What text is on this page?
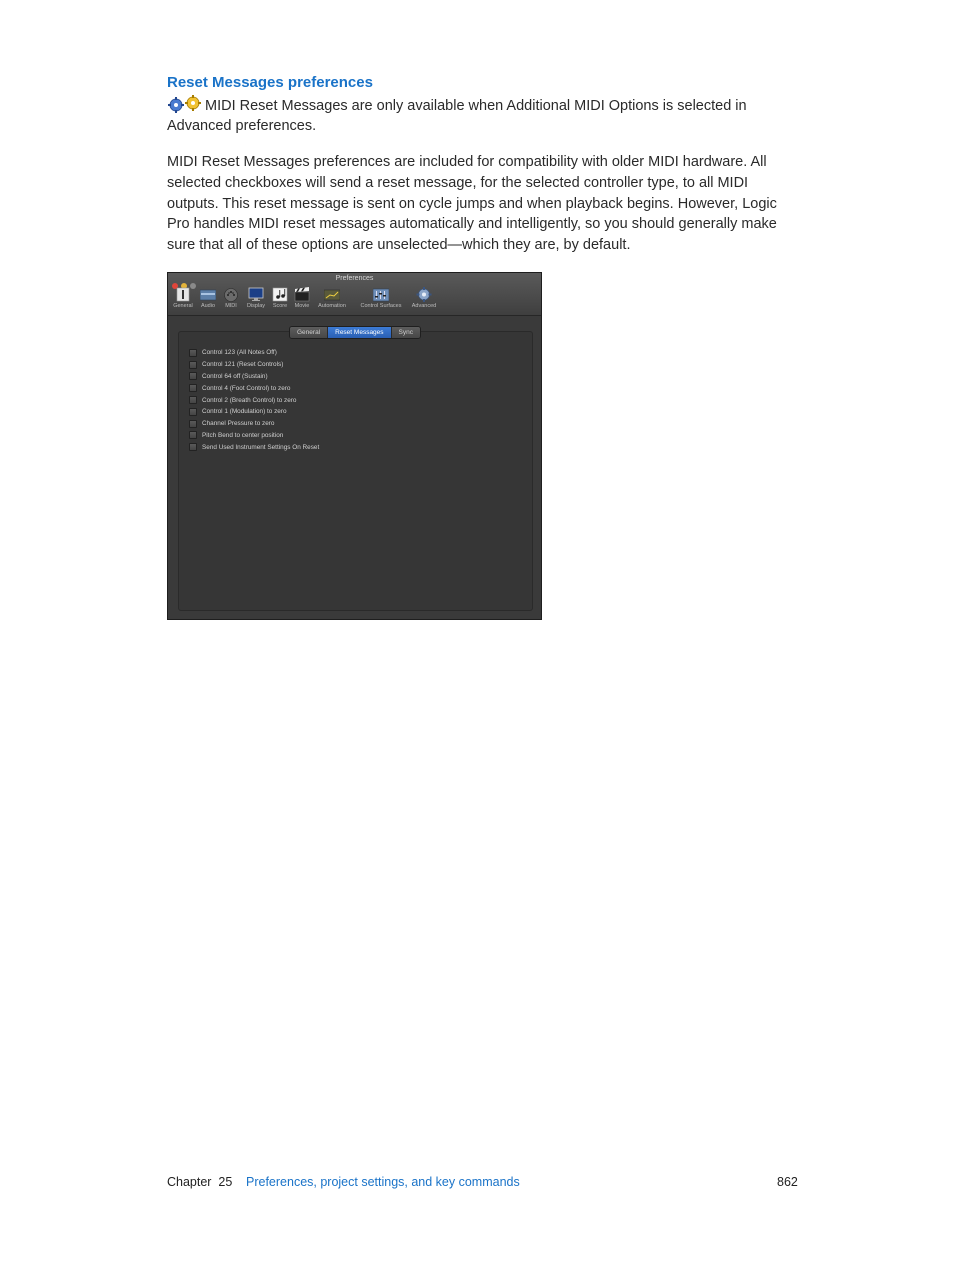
Reset Messages preferences
MIDI Reset Messages are only available when Additional MIDI Options is selected in Advanced preferences.
MIDI Reset Messages preferences are included for compatibility with older MIDI hardware. All selected checkboxes will send a reset message, for the selected controller type, to all MIDI outputs. This reset message is sent on cycle jumps and when playback begins. However, Logic Pro handles MIDI reset messages automatically and intelligently, so you should generally make sure that all of these options are unselected—which they are, by default.
Preferences
General	Audio	MIDI	Display	Score	Movie	Automation	Control Surfaces	Advanced
General	Reset Messages	Sync
Control 123 (All Notes Off)
Control 121 (Reset Controls)
Control 64 off (Sustain)
Control 4 (Foot Control) to zero
Control 2 (Breath Control) to zero
Control 1 (Modulation) to zero
Channel Pressure to zero
Pitch Bend to center position
Send Used Instrument Settings On Reset
Chapter  25 Preferences, project settings, and key commands	862
